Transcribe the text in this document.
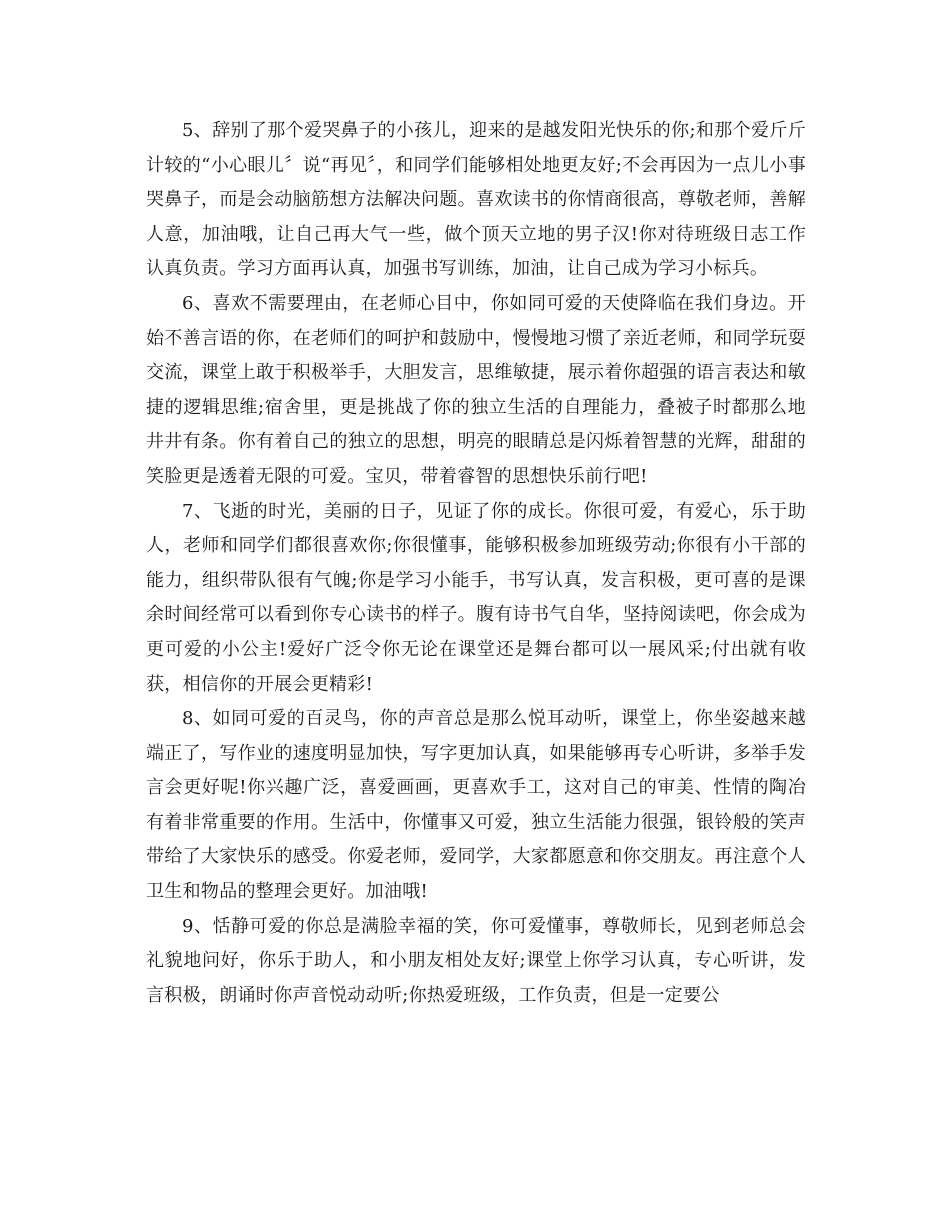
5、辞别了那个爱哭鼻子的小孩儿，迎来的是越发阳光快乐的你;和那个爱斤斤计较的“小心眼儿〞说“再见〞，和同学们能够相处地更友好;不会再因为一点儿小事哭鼻子，而是会动脑筋想方法解决问题。喜欢读书的你情商很高，尊敬老师，善解人意，加油哦，让自己再大气一些，做个顶天立地的男子汉!你对待班级日志工作认真负责。学习方面再认真，加强书写训练，加油，让自己成为学习小标兵。

6、喜欢不需要理由，在老师心目中，你如同可爱的天使降临在我们身边。开始不善言语的你，在老师们的呵护和鼓励中，慢慢地习惯了亲近老师，和同学玩耍交流，课堂上敢于积极举手，大胆发言，思维敏捷，展示着你超强的语言表达和敏捷的逻辑思维;宿舍里，更是挑战了你的独立生活的自理能力，叠被子时都那么地井井有条。你有着自己的独立的思想，明亮的眼睛总是闪烁着智慧的光辉，甜甜的笑脸更是透着无限的可爱。宝贝，带着睿智的思想快乐前行吧!

7、飞逝的时光，美丽的日子，见证了你的成长。你很可爱，有爱心，乐于助人，老师和同学们都很喜欢你;你很懂事，能够积极参加班级劳动;你很有小干部的能力，组织带队很有气魄;你是学习小能手，书写认真，发言积极，更可喜的是课余时间经常可以看到你专心读书的样子。腹有诗书气自华，坚持阅读吧，你会成为更可爱的小公主!爱好广泛令你无论在课堂还是舞台都可以一展风采;付出就有收获，相信你的开展会更精彩!

8、如同可爱的百灵鸟，你的声音总是那么悦耳动听，课堂上，你坐姿越来越端正了，写作业的速度明显加快，写字更加认真，如果能够再专心听讲，多举手发言会更好呢!你兴趣广泛，喜爱画画，更喜欢手工，这对自己的审美、性情的陶冶有着非常重要的作用。生活中，你懂事又可爱，独立生活能力很强，银铃般的笑声带给了大家快乐的感受。你爱老师，爱同学，大家都愿意和你交朋友。再注意个人卫生和物品的整理会更好。加油哦!

9、恬静可爱的你总是满脸幸福的笑，你可爱懂事，尊敬师长，见到老师总会礼貌地问好，你乐于助人，和小朋友相处友好;课堂上你学习认真，专心听讲，发言积极，朗诵时你声音悦动动听;你热爱班级，工作负责，但是一定要公
